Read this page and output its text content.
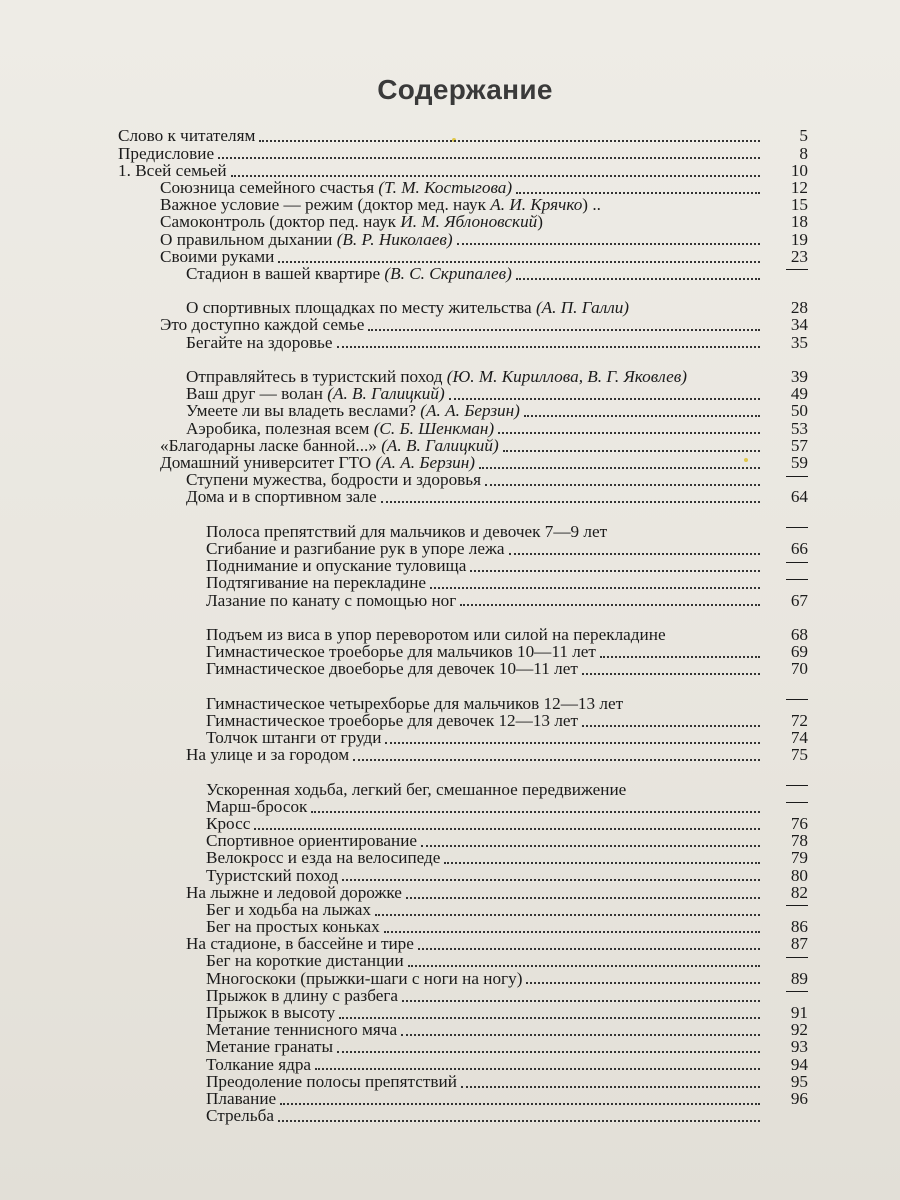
Содержание
Слово к читателям	5
Предисловие	8
1. Всей семьей	10
Союзница семейного счастья (Т. М. Костыгова)	12
Важное условие — режим (доктор мед. наук А. И. Крячко) ..	15
Самоконтроль (доктор пед. наук И. М. Яблоновский)	18
О правильном дыхании (В. Р. Николаев)	19
Своими руками	23
Стадион в вашей квартире (В. С. Скрипалев)
О спортивных площадках по месту жительства (А. П. Галли)	28
Это доступно каждой семье	34
Бегайте на здоровье	35
Отправляйтесь в туристский поход (Ю. М. Кириллова, В. Г. Яковлев)	39
Ваш друг — волан (А. В. Галицкий)	49
Умеете ли вы владеть веслами? (А. А. Берзин)	50
Аэробика, полезная всем (С. Б. Шенкман)	53
«Благодарны ласке банной...» (А. В. Галицкий)	57
Домашний университет ГТО (А. А. Берзин)	59
Ступени мужества, бодрости и здоровья
Дома и в спортивном зале	64
Полоса препятствий для мальчиков и девочек 7—9 лет
Сгибание и разгибание рук в упоре лежа	66
Поднимание и опускание туловища
Подтягивание на перекладине
Лазание по канату с помощью ног	67
Подъем из виса в упор переворотом или силой на перекладине	68
Гимнастическое троеборье для мальчиков 10—11 лет	69
Гимнастическое двоеборье для девочек 10—11 лет	70
Гимнастическое четырехборье для мальчиков 12—13 лет
Гимнастическое троеборье для девочек 12—13 лет	72
Толчок штанги от груди	74
На улице и за городом	75
Ускоренная ходьба, легкий бег, смешанное передвижение
Марш-бросок
Кросс	76
Спортивное ориентирование	78
Велокросс и езда на велосипеде	79
Туристский поход	80
На лыжне и ледовой дорожке	82
Бег и ходьба на лыжах
Бег на простых коньках	86
На стадионе, в бассейне и тире	87
Бег на короткие дистанции
Многоскоки (прыжки-шаги с ноги на ногу)	89
Прыжок в длину с разбега
Прыжок в высоту	91
Метание теннисного мяча	92
Метание гранаты	93
Толкание ядра	94
Преодоление полосы препятствий	95
Плавание	96
Стрельба
